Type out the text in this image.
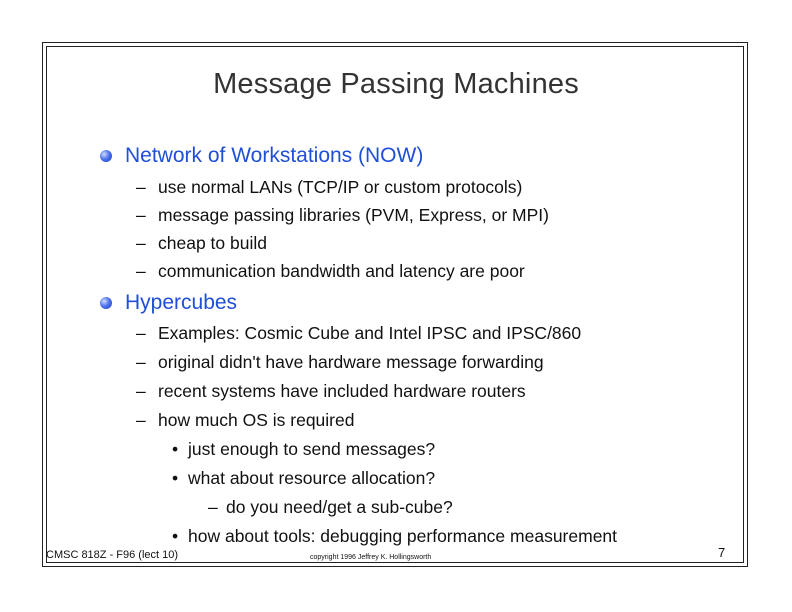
Message Passing Machines
Network of Workstations (NOW)
– use normal LANs (TCP/IP or custom protocols)
– message passing libraries (PVM, Express, or MPI)
– cheap to build
– communication bandwidth and latency are poor
Hypercubes
– Examples: Cosmic Cube and Intel IPSC and IPSC/860
– original didn't have hardware message forwarding
– recent systems have included hardware routers
– how much OS is required
• just enough to send messages?
• what about resource allocation?
– do you need/get a sub-cube?
• how about tools: debugging performance measurement
CMSC 818Z - F96 (lect 10)	copyright 1996 Jeffrey K. Hollingsworth	7
